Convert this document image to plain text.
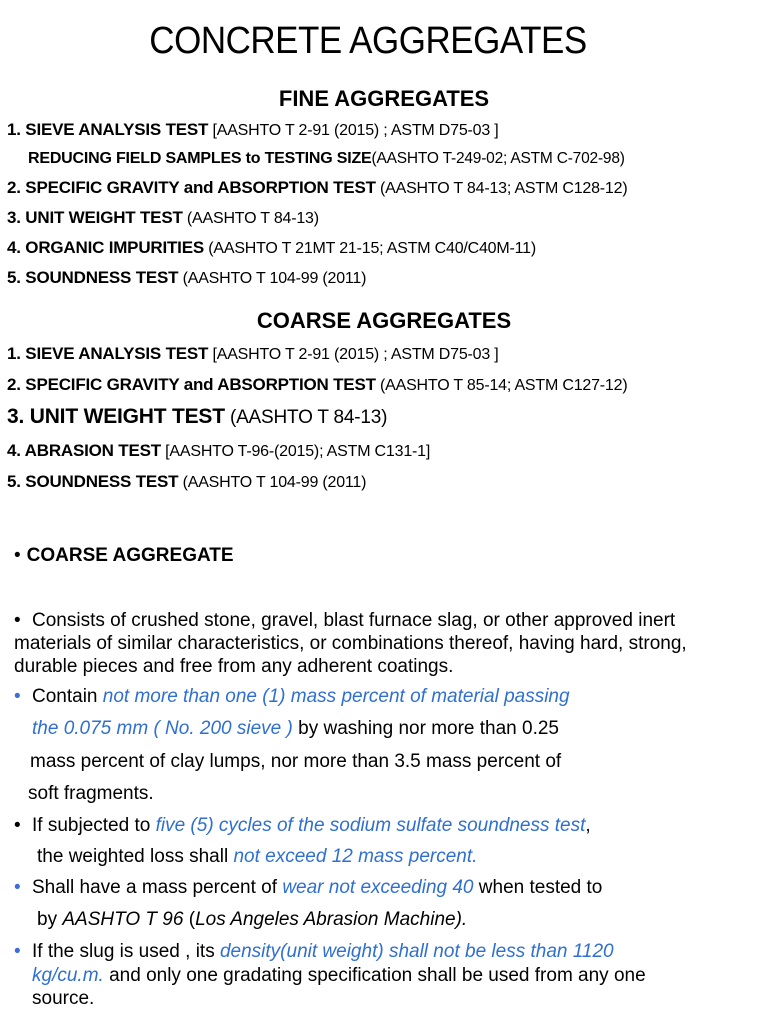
CONCRETE AGGREGATES
FINE AGGREGATES
1. SIEVE ANALYSIS TEST [AASHTO T 2-91 (2015) ; ASTM D75-03 ]
REDUCING FIELD SAMPLES to TESTING SIZE(AASHTO T-249-02; ASTM C-702-98)
2. SPECIFIC GRAVITY and ABSORPTION TEST (AASHTO T 84-13; ASTM C128-12)
3. UNIT WEIGHT TEST (AASHTO T 84-13)
4. ORGANIC IMPURITIES (AASHTO T 21MT 21-15; ASTM C40/C40M-11)
5. SOUNDNESS TEST (AASHTO T 104-99 (2011)
COARSE AGGREGATES
1. SIEVE ANALYSIS TEST [AASHTO T 2-91 (2015) ; ASTM D75-03 ]
2. SPECIFIC GRAVITY and ABSORPTION TEST (AASHTO T 85-14; ASTM C127-12)
3. UNIT WEIGHT TEST (AASHTO T 84-13)
4. ABRASION TEST [AASHTO T-96-(2015); ASTM C131-1]
5. SOUNDNESS TEST (AASHTO T 104-99 (2011)
• COARSE AGGREGATE
• Consists of crushed stone, gravel, blast furnace slag, or other approved inert materials of similar characteristics, or combinations thereof, having hard, strong, durable pieces and free from any adherent coatings.
• Contain not more than one (1) mass percent of material passing
the 0.075 mm ( No. 200 sieve ) by washing nor more than 0.25
mass percent of clay lumps, nor more than 3.5 mass percent of
soft fragments.
• If subjected to five (5) cycles of the sodium sulfate soundness test,
the weighted loss shall not exceed 12 mass percent.
• Shall have a mass percent of wear not exceeding 40 when tested to
by AASHTO T 96 (Los Angeles Abrasion Machine).
• If the slug is used , its density(unit weight) shall not be less than 1120
kg/cu.m. and only one gradating specification shall be used from any one
source.
